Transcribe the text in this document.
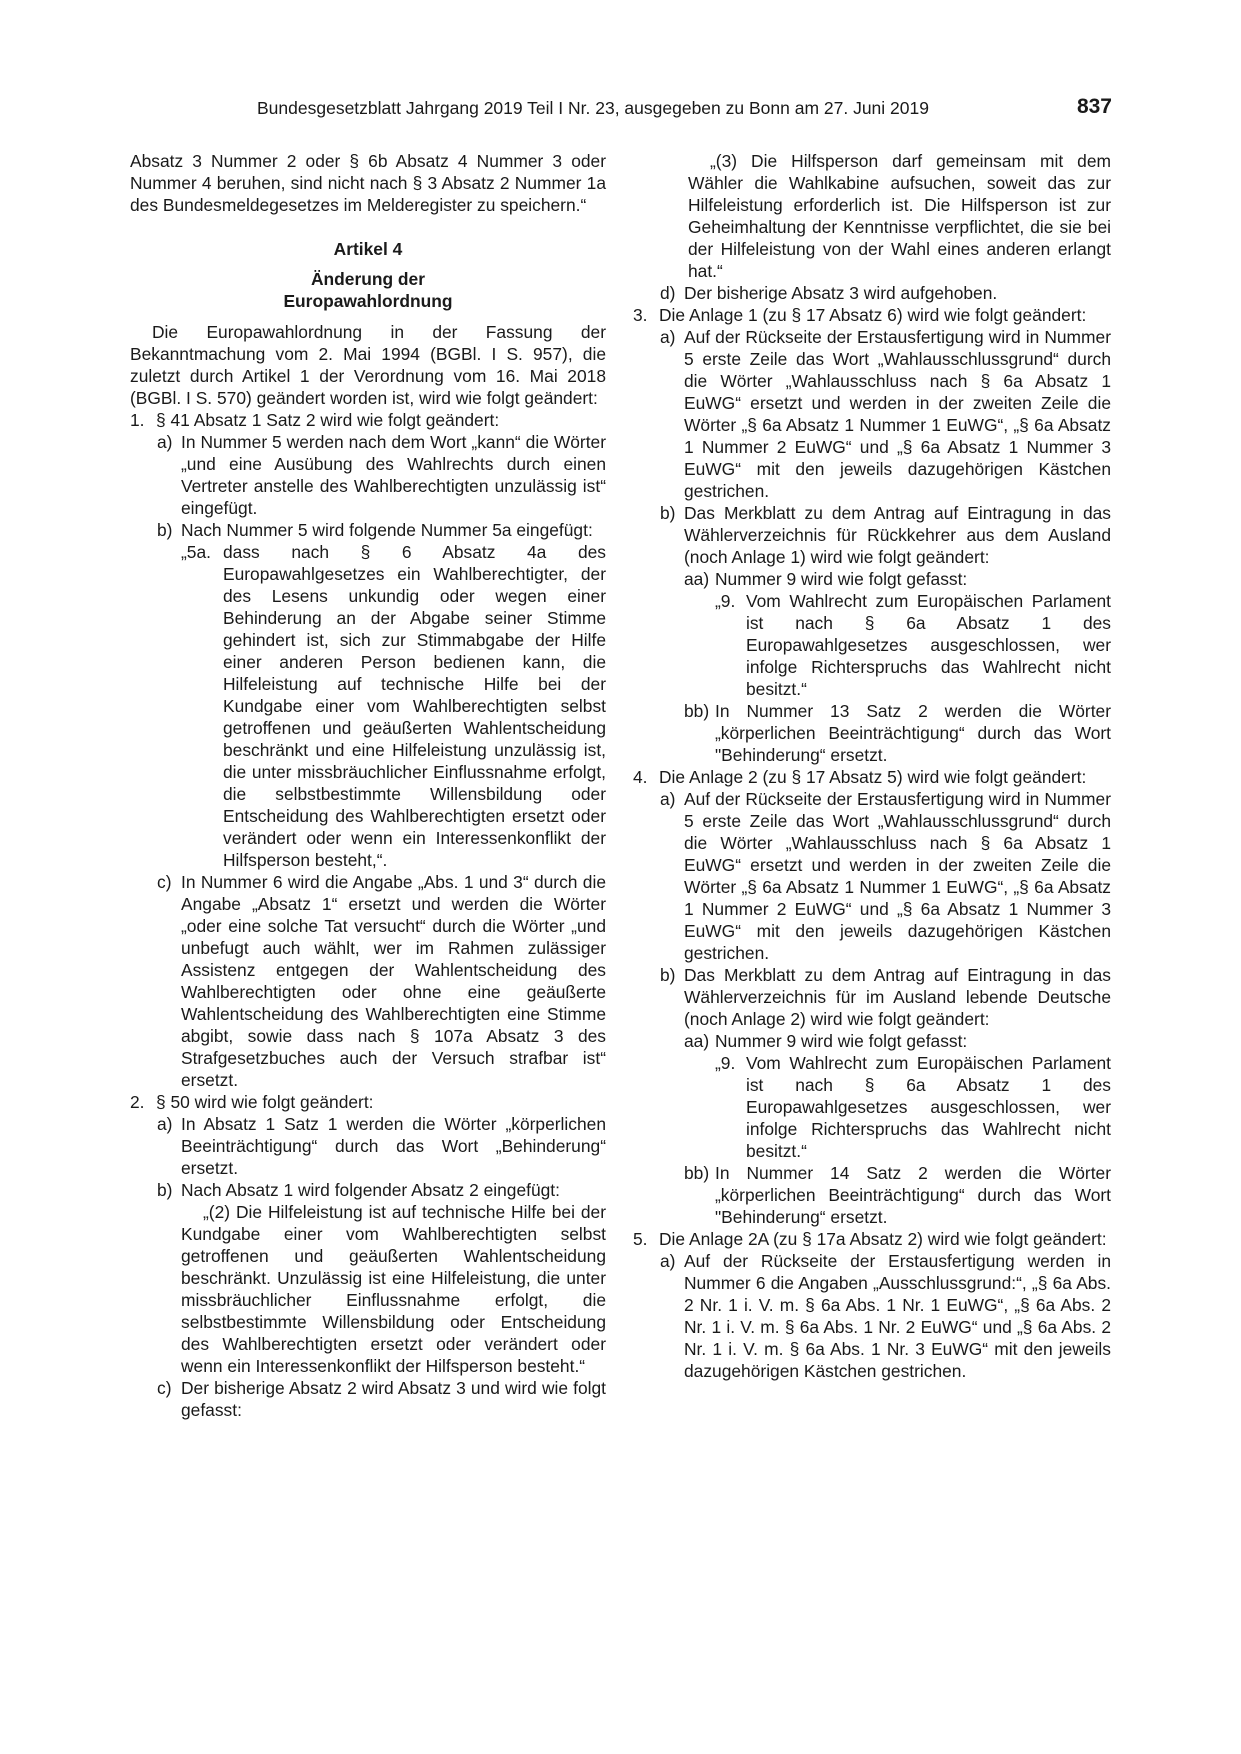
Bundesgesetzblatt Jahrgang 2019 Teil I Nr. 23, ausgegeben zu Bonn am 27. Juni 2019	837

Absatz 3 Nummer 2 oder § 6b Absatz 4 Nummer 3 oder Nummer 4 beruhen, sind nicht nach § 3 Absatz 2 Nummer 1a des Bundesmeldegesetzes im Melderegister zu speichern.“

Artikel 4

Änderung der

Europawahlordnung

Die Europawahlordnung in der Fassung der Bekanntmachung vom 2. Mai 1994 (BGBl. I S. 957), die zuletzt durch Artikel 1 der Verordnung vom 16. Mai 2018 (BGBl. I S. 570) geändert worden ist, wird wie folgt geändert:

1. § 41 Absatz 1 Satz 2 wird wie folgt geändert:
a) In Nummer 5 werden nach dem Wort „kann“ die Wörter „und eine Ausübung des Wahlrechts durch einen Vertreter anstelle des Wahlberechtigten unzulässig ist“ eingefügt.
b) Nach Nummer 5 wird folgende Nummer 5a eingefügt:
„5a. dass nach § 6 Absatz 4a des Europawahlgesetzes ein Wahlberechtigter, der des Lesens unkundig oder wegen einer Behinderung an der Abgabe seiner Stimme gehindert ist, sich zur Stimmabgabe der Hilfe einer anderen Person bedienen kann, die Hilfeleistung auf technische Hilfe bei der Kundgabe einer vom Wahlberechtigten selbst getroffenen und geäußerten Wahlentscheidung beschränkt und eine Hilfeleistung unzulässig ist, die unter missbräuchlicher Einflussnahme erfolgt, die selbstbestimmte Willensbildung oder Entscheidung des Wahlberechtigten ersetzt oder verändert oder wenn ein Interessenkonflikt der Hilfsperson besteht,“.
c) In Nummer 6 wird die Angabe „Abs. 1 und 3“ durch die Angabe „Absatz 1“ ersetzt und werden die Wörter „oder eine solche Tat versucht“ durch die Wörter „und unbefugt auch wählt, wer im Rahmen zulässiger Assistenz entgegen der Wahlentscheidung des Wahlberechtigten oder ohne eine geäußerte Wahlentscheidung des Wahlberechtigten eine Stimme abgibt, sowie dass nach § 107a Absatz 3 des Strafgesetzbuches auch der Versuch strafbar ist“ ersetzt.
2. § 50 wird wie folgt geändert:
a) In Absatz 1 Satz 1 werden die Wörter „körperlichen Beeinträchtigung“ durch das Wort „Behinderung“ ersetzt.
b) Nach Absatz 1 wird folgender Absatz 2 eingefügt:

„(2) Die Hilfeleistung ist auf technische Hilfe bei der Kundgabe einer vom Wahlberechtigten selbst getroffenen und geäußerten Wahlentscheidung beschränkt. Unzulässig ist eine Hilfeleistung, die unter missbräuchlicher Einflussnahme erfolgt, die selbstbestimmte Willensbildung oder Entscheidung des Wahlberechtigten ersetzt oder verändert oder wenn ein Interessenkonflikt der Hilfsperson besteht.“

c) Der bisherige Absatz 2 wird Absatz 3 und wird wie folgt gefasst:

„(3) Die Hilfsperson darf gemeinsam mit dem Wähler die Wahlkabine aufsuchen, soweit das zur Hilfeleistung erforderlich ist. Die Hilfsperson ist zur Geheimhaltung der Kenntnisse verpflichtet, die sie bei der Hilfeleistung von der Wahl eines anderen erlangt hat.“

d) Der bisherige Absatz 3 wird aufgehoben.
3. Die Anlage 1 (zu § 17 Absatz 6) wird wie folgt geändert:
a) Auf der Rückseite der Erstausfertigung wird in Nummer 5 erste Zeile das Wort „Wahlausschlussgrund“ durch die Wörter „Wahlausschluss nach § 6a Absatz 1 EuWG“ ersetzt und werden in der zweiten Zeile die Wörter „§ 6a Absatz 1 Nummer 1 EuWG“, „§ 6a Absatz 1 Nummer 2 EuWG“ und „§ 6a Absatz 1 Nummer 3 EuWG“ mit den jeweils dazugehörigen Kästchen gestrichen.
b) Das Merkblatt zu dem Antrag auf Eintragung in das Wählerverzeichnis für Rückkehrer aus dem Ausland (noch Anlage 1) wird wie folgt geändert:
aa) Nummer 9 wird wie folgt gefasst:
„9. Vom Wahlrecht zum Europäischen Parlament ist nach § 6a Absatz 1 des Europawahlgesetzes ausgeschlossen, wer infolge Richterspruchs das Wahlrecht nicht besitzt.“
bb) In Nummer 13 Satz 2 werden die Wörter „körperlichen Beeinträchtigung“ durch das Wort "Behinderung“ ersetzt.
4. Die Anlage 2 (zu § 17 Absatz 5) wird wie folgt geändert:
a) Auf der Rückseite der Erstausfertigung wird in Nummer 5 erste Zeile das Wort „Wahlausschlussgrund“ durch die Wörter „Wahlausschluss nach § 6a Absatz 1 EuWG“ ersetzt und werden in der zweiten Zeile die Wörter „§ 6a Absatz 1 Nummer 1 EuWG“, „§ 6a Absatz 1 Nummer 2 EuWG“ und „§ 6a Absatz 1 Nummer 3 EuWG“ mit den jeweils dazugehörigen Kästchen gestrichen.
b) Das Merkblatt zu dem Antrag auf Eintragung in das Wählerverzeichnis für im Ausland lebende Deutsche (noch Anlage 2) wird wie folgt geändert:
aa) Nummer 9 wird wie folgt gefasst:
„9. Vom Wahlrecht zum Europäischen Parlament ist nach § 6a Absatz 1 des Europawahlgesetzes ausgeschlossen, wer infolge Richterspruchs das Wahlrecht nicht besitzt.“
bb) In Nummer 14 Satz 2 werden die Wörter „körperlichen Beeinträchtigung“ durch das Wort "Behinderung“ ersetzt.
5. Die Anlage 2A (zu § 17a Absatz 2) wird wie folgt geändert:
a) Auf der Rückseite der Erstausfertigung werden in Nummer 6 die Angaben „Ausschlussgrund:“, „§ 6a Abs. 2 Nr. 1 i. V. m. § 6a Abs. 1 Nr. 1 EuWG“, „§ 6a Abs. 2 Nr. 1 i. V. m. § 6a Abs. 1 Nr. 2 EuWG“ und „§ 6a Abs. 2 Nr. 1 i. V. m. § 6a Abs. 1 Nr. 3 EuWG“ mit den jeweils dazugehörigen Kästchen gestrichen.
